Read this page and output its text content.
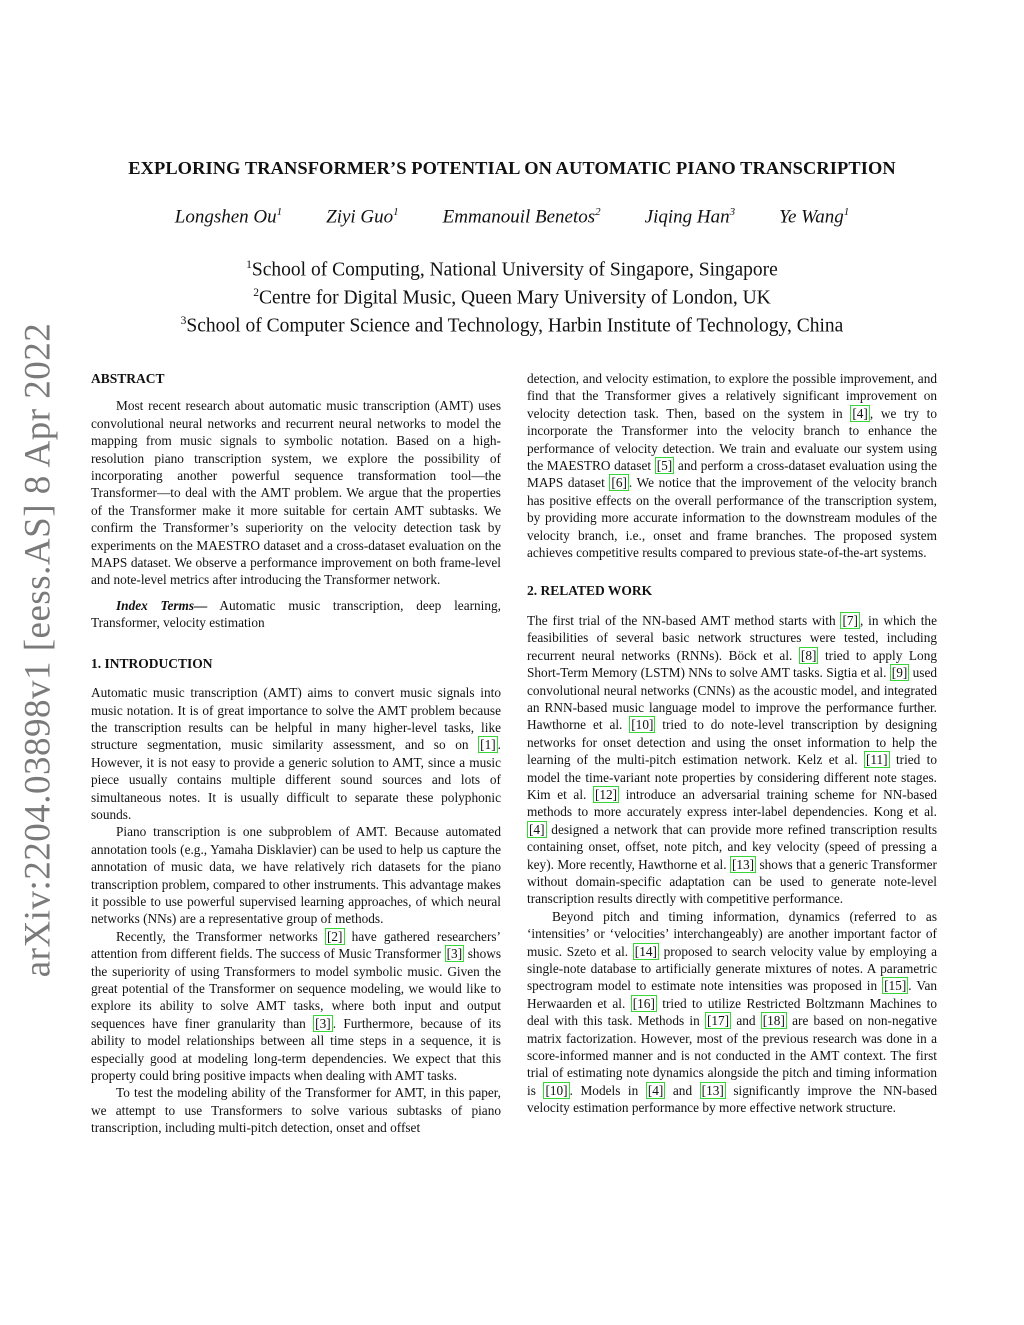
arXiv:2204.03898v1 [eess.AS] 8 Apr 2022
EXPLORING TRANSFORMER’S POTENTIAL ON AUTOMATIC PIANO TRANSCRIPTION
Longshen Ou$^1$ Ziyi Guo$^1$ Emmanouil Benetos$^2$ Jiqing Han$^3$ Ye Wang$^1$
$^1$School of Computing, National University of Singapore, Singapore
$^2$Centre for Digital Music, Queen Mary University of London, UK
$^3$School of Computer Science and Technology, Harbin Institute of Technology, China

ABSTRACT

Most recent research about automatic music transcription (AMT) uses convolutional neural networks and recurrent neural networks to model the mapping from music signals to symbolic notation. Based on a high-resolution piano transcription system, we explore the possibility of incorporating another powerful sequence transformation tool—the Transformer—to deal with the AMT problem. We argue that the properties of the Transformer make it more suitable for certain AMT subtasks. We confirm the Transformer’s superiority on the velocity detection task by experiments on the MAESTRO dataset and a cross-dataset evaluation on the MAPS dataset. We observe a performance improvement on both frame-level and note-level metrics after introducing the Transformer network.

Index Terms— Automatic music transcription, deep learning, Transformer, velocity estimation

1. INTRODUCTION

Automatic music transcription (AMT) aims to convert music signals into music notation. It is of great importance to solve the AMT problem because the transcription results can be helpful in many higher-level tasks, like structure segmentation, music similarity assessment, and so on [1] . However, it is not easy to provide a generic solution to AMT, since a music piece usually contains multiple different sound sources and lots of simultaneous notes. It is usually difficult to separate these polyphonic sounds.

Piano transcription is one subproblem of AMT. Because automated annotation tools (e.g., Yamaha Disklavier) can be used to help us capture the annotation of music data, we have relatively rich datasets for the piano transcription problem, compared to other instruments. This advantage makes it possible to use powerful supervised learning approaches, of which neural networks (NNs) are a representative group of methods.

Recently, the Transformer networks [2] have gathered researchers’ attention from different fields. The success of Music Transformer [3] shows the superiority of using Transformers to model symbolic music. Given the great potential of the Transformer on sequence modeling, we would like to explore its ability to solve AMT tasks, where both input and output sequences have finer granularity than [3] . Furthermore, because of its ability to model relationships between all time steps in a sequence, it is especially good at modeling long-term dependencies. We expect that this property could bring positive impacts when dealing with AMT tasks.

To test the modeling ability of the Transformer for AMT, in this paper, we attempt to use Transformers to solve various subtasks of piano transcription, including multi-pitch detection, onset and offset

detection, and velocity estimation, to explore the possible improvement, and find that the Transformer gives a relatively significant improvement on velocity detection task. Then, based on the system in [4] , we try to incorporate the Transformer into the velocity branch to enhance the performance of velocity detection. We train and evaluate our system using the MAESTRO dataset [5] and perform a cross-dataset evaluation using the MAPS dataset [6] . We notice that the improvement of the velocity branch has positive effects on the overall performance of the transcription system, by providing more accurate information to the downstream modules of the velocity branch, i.e., onset and frame branches. The proposed system achieves competitive results compared to previous state-of-the-art systems.

2. RELATED WORK

The first trial of the NN-based AMT method starts with [7] , in which the feasibilities of several basic network structures were tested, including recurrent neural networks (RNNs). Böck et al. [8] tried to apply Long Short-Term Memory (LSTM) NNs to solve AMT tasks. Sigtia et al. [9] used convolutional neural networks (CNNs) as the acoustic model, and integrated an RNN-based music language model to improve the performance further. Hawthorne et al. [10] tried to do note-level transcription by designing networks for onset detection and using the onset information to help the learning of the multi-pitch estimation network. Kelz et al. [11] tried to model the time-variant note properties by considering different note stages. Kim et al. [12] introduce an adversarial training scheme for NN-based methods to more accurately express inter-label dependencies. Kong et al. [4] designed a network that can provide more refined transcription results containing onset, offset, note pitch, and key velocity (speed of pressing a key). More recently, Hawthorne et al. [13] shows that a generic Transformer without domain-specific adaptation can be used to generate note-level transcription results directly with competitive performance.

Beyond pitch and timing information, dynamics (referred to as ‘intensities’ or ‘velocities’ interchangeably) are another important factor of music. Szeto et al. [14] proposed to search velocity value by employing a single-note database to artificially generate mixtures of notes. A parametric spectrogram model to estimate note intensities was proposed in [15] . Van Herwaarden et al. [16] tried to utilize Restricted Boltzmann Machines to deal with this task. Methods in [17] and [18] are based on non-negative matrix factorization. However, most of the previous research was done in a score-informed manner and is not conducted in the AMT context. The first trial of estimating note dynamics alongside the pitch and timing information is [10] . Models in [4] and [13] significantly improve the NN-based velocity estimation performance by more effective network structure.
